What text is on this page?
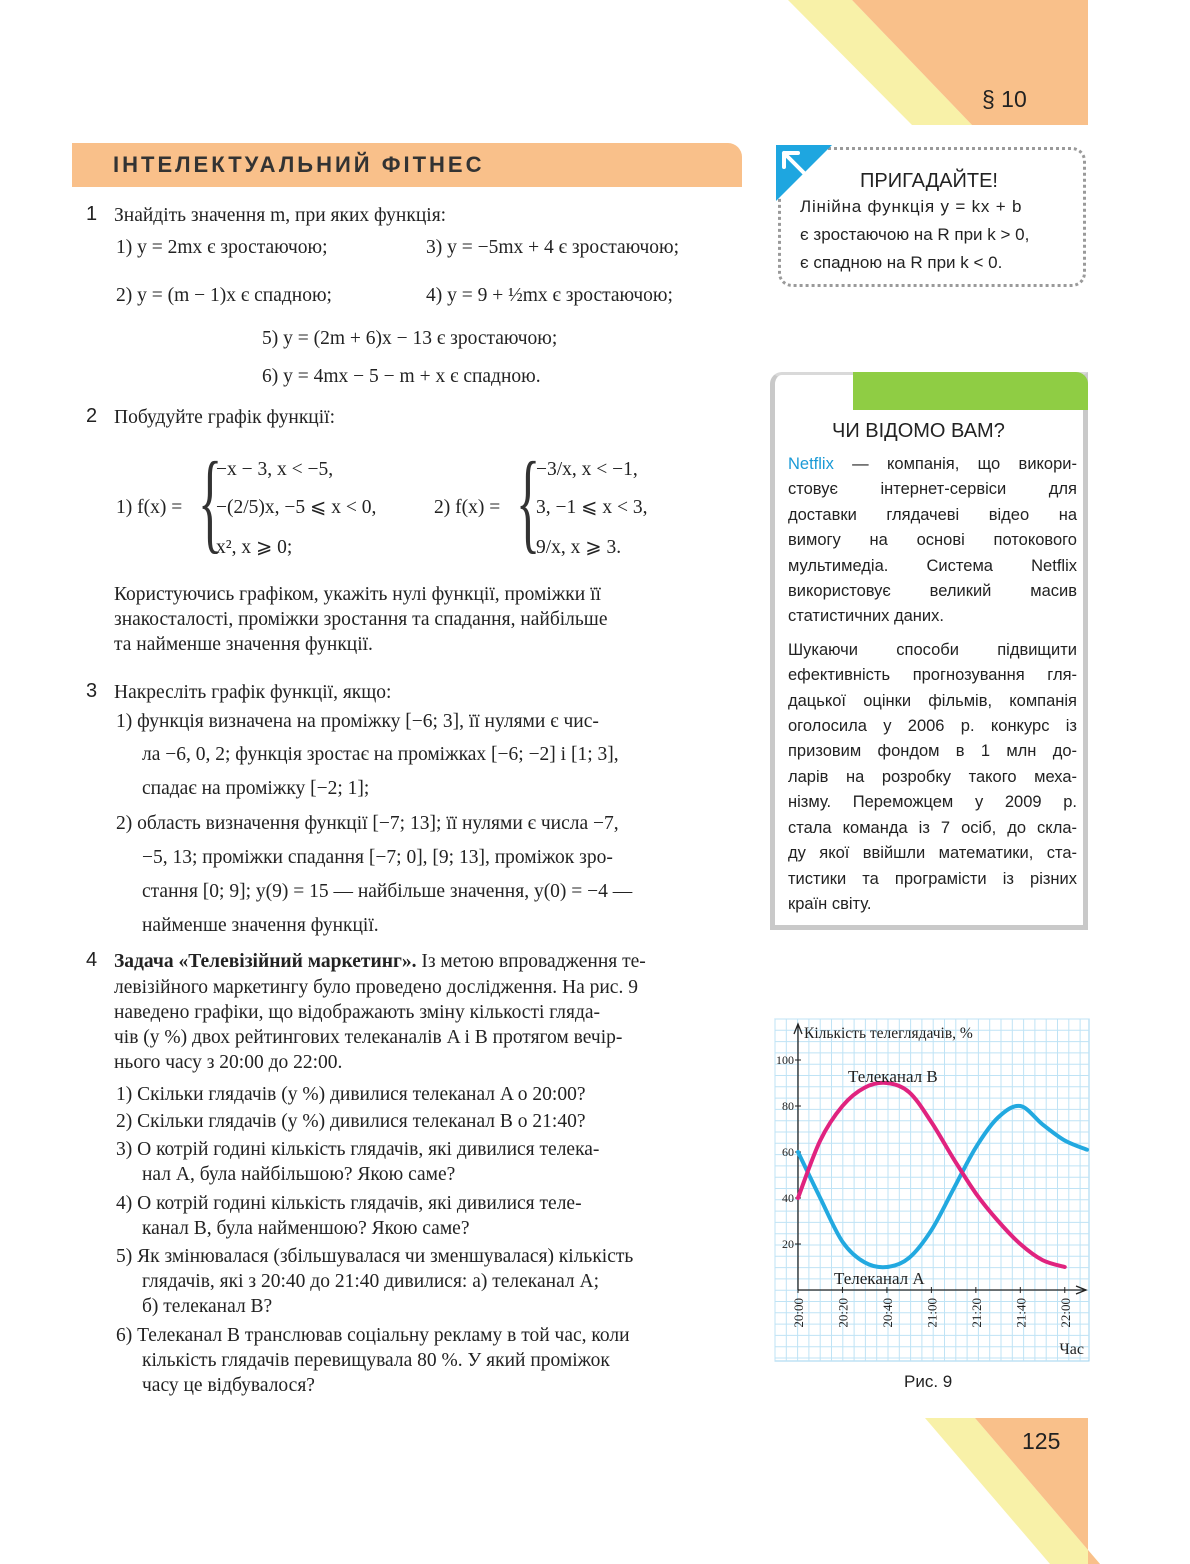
§ 10
125
ІНТЕЛЕКТУАЛЬНИЙ ФІТНЕС
1 Знайдіть значення m, при яких функція:
1) y = 2mx є зростаючою;	3) y = −5mx + 4 є зростаючою;
2) y = (m − 1)x є спадною;	4) y = 9 + ½mx є зростаючою;
5) y = (2m + 6)x − 13 є зростаючою;
6) y = 4mx − 5 − m + x є спадною.
2 Побудуйте графік функції:
1) f(x) = {
−x − 3, x < −5,
−(2/5)x, −5 ⩽ x < 0,
x², x ⩾ 0;
2) f(x) = {
−3/x, x < −1,
3, −1 ⩽ x < 3,
9/x, x ⩾ 3.
Користуючись графіком, укажіть нулі функції, проміжки її
знакосталості, проміжки зростання та спадання, найбільше
та найменше значення функції.
3 Накресліть графік функції, якщо:
1) функція визначена на проміжку [−6; 3], її нулями є чис-
ла −6, 0, 2; функція зростає на проміжках [−6; −2] і [1; 3],
спадає на проміжку [−2; 1];
2) область визначення функції [−7; 13]; її нулями є числа −7,
−5, 13; проміжки спадання [−7; 0], [9; 13], проміжок зро-
стання [0; 9]; y(9) = 15 — найбільше значення, y(0) = −4 —
найменше значення функції.
4 Задача «Телевізійний маркетинг». Із метою впровадження те-
левізійного маркетингу було проведено дослідження. На рис. 9
наведено графіки, що відображають зміну кількості гляда-
чів (у %) двох рейтингових телеканалів A і B протягом вечір-
нього часу з 20:00 до 22:00.
1) Скільки глядачів (у %) дивилися телеканал A о 20:00?
2) Скільки глядачів (у %) дивилися телеканал B о 21:40?
3) О котрій годині кількість глядачів, які дивилися телека-
нал A, була найбільшою? Якою саме?
4) О котрій годині кількість глядачів, які дивилися теле-
канал B, була найменшою? Якою саме?
5) Як змінювалася (збільшувалася чи зменшувалася) кількість
глядачів, які з 20:40 до 21:40 дивилися: а) телеканал A;
б) телеканал B?
6) Телеканал B транслював соціальну рекламу в той час, коли
кількість глядачів перевищувала 80 %. У який проміжок
часу це відбувалося?
ПРИГАДАЙТЕ!
Лінійна функція y = kx + b
є зростаючою на R при k > 0,
є спадною на R при k < 0.
ЧИ ВІДОМО ВАМ?
Netflix — компанія, що викори-
стовує інтернет-сервіси для
доставки глядачеві відео на
вимогу на основі потокового
мультимедіа. Система Netflix
використовує великий масив
статистичних даних.
Шукаючи способи підвищити
ефективність прогнозування гля-
дацької оцінки фільмів, компанія
оголосила у 2006 р. конкурс із
призовим фондом в 1 млн до-
ларів на розробку такого меха-
нізму. Переможцем у 2009 р.
стала команда із 7 осіб, до скла-
ду якої ввійшли математики, ста-
тистики та програмісти із різних
країн світу.
20
40
60
80
100
20:00 20:20 20:40 21:00 21:20 21:40 22:00
Кількість телеглядачів, %
Час
Телеканал A
Телеканал B
Рис. 9
